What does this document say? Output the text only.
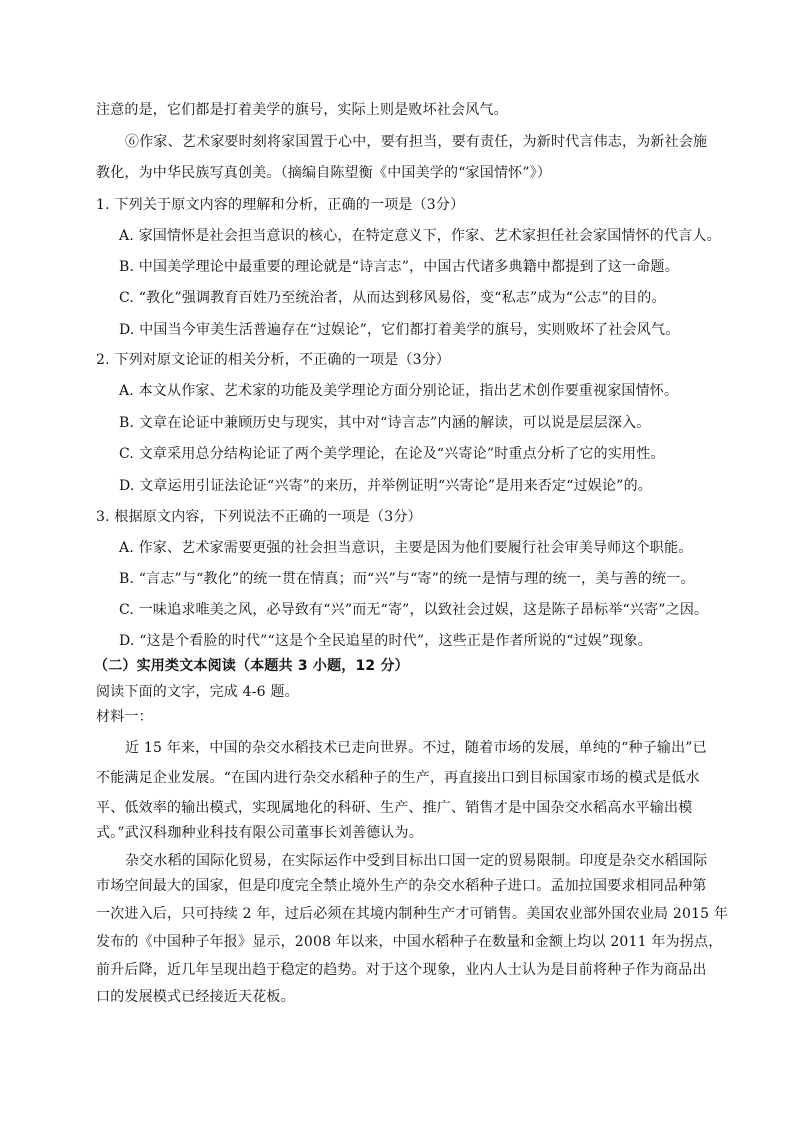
注意的是，它们都是打着美学的旗号，实际上则是败坏社会风气。
⑥作家、艺术家要时刻将家国置于心中，要有担当，要有责任，为新时代言伟志，为新社会施
教化，为中华民族写真创美。（摘编自陈望衡《中国美学的“家国情怀”》）
1. 下列关于原文内容的理解和分析，正确的一项是（3分）
A. 家国情怀是社会担当意识的核心，在特定意义下，作家、艺术家担任社会家国情怀的代言人。
B. 中国美学理论中最重要的理论就是“诗言志”，中国古代诸多典籍中都提到了这一命题。
C. “教化”强调教育百姓乃至统治者，从而达到移风易俗，变“私志”成为“公志”的目的。
D. 中国当今审美生活普遍存在“过娱论”，它们都打着美学的旗号，实则败坏了社会风气。
2. 下列对原文论证的相关分析，不正确的一项是（3分）
A. 本文从作家、艺术家的功能及美学理论方面分别论证，指出艺术创作要重视家国情怀。
B. 文章在论证中兼顾历史与现实，其中对“诗言志”内涵的解读，可以说是层层深入。
C. 文章采用总分结构论证了两个美学理论，在论及“兴寄论”时重点分析了它的实用性。
D. 文章运用引证法论证“兴寄”的来历，并举例证明“兴寄论”是用来否定“过娱论”的。
3. 根据原文内容，下列说法不正确的一项是（3分）
A. 作家、艺术家需要更强的社会担当意识，主要是因为他们要履行社会审美导师这个职能。
B. “言志”与“教化”的统一贯在情真；而“兴”与“寄”的统一是情与理的统一，美与善的统一。
C. 一味追求唯美之风，必导致有“兴”而无“寄”，以致社会过娱，这是陈子昂标举“兴寄”之因。
D. “这是个看脸的时代”“这是个全民追星的时代”，这些正是作者所说的“过娱”现象。
（二）实用类文本阅读（本题共 3 小题，12 分）
阅读下面的文字，完成 4-6 题。
材料一：
近 15 年来，中国的杂交水稻技术已走向世界。不过，随着市场的发展，单纯的“种子输出”已
不能满足企业发展。“在国内进行杂交水稻种子的生产，再直接出口到目标国家市场的模式是低水
平、低效率的输出模式，实现属地化的科研、生产、推广、销售才是中国杂交水稻高水平输出模
式。”武汉科珈种业科技有限公司董事长刘善德认为。
杂交水稻的国际化贸易，在实际运作中受到目标出口国一定的贸易限制。印度是杂交水稻国际
市场空间最大的国家，但是印度完全禁止境外生产的杂交水稻种子进口。孟加拉国要求相同品种第
一次进入后，只可持续 2 年，过后必须在其境内制种生产才可销售。美国农业部外国农业局 2015 年
发布的《中国种子年报》显示，2008 年以来，中国水稻种子在数量和金额上均以 2011 年为拐点，
前升后降，近几年呈现出趋于稳定的趋势。对于这个现象，业内人士认为是目前将种子作为商品出
口的发展模式已经接近天花板。
